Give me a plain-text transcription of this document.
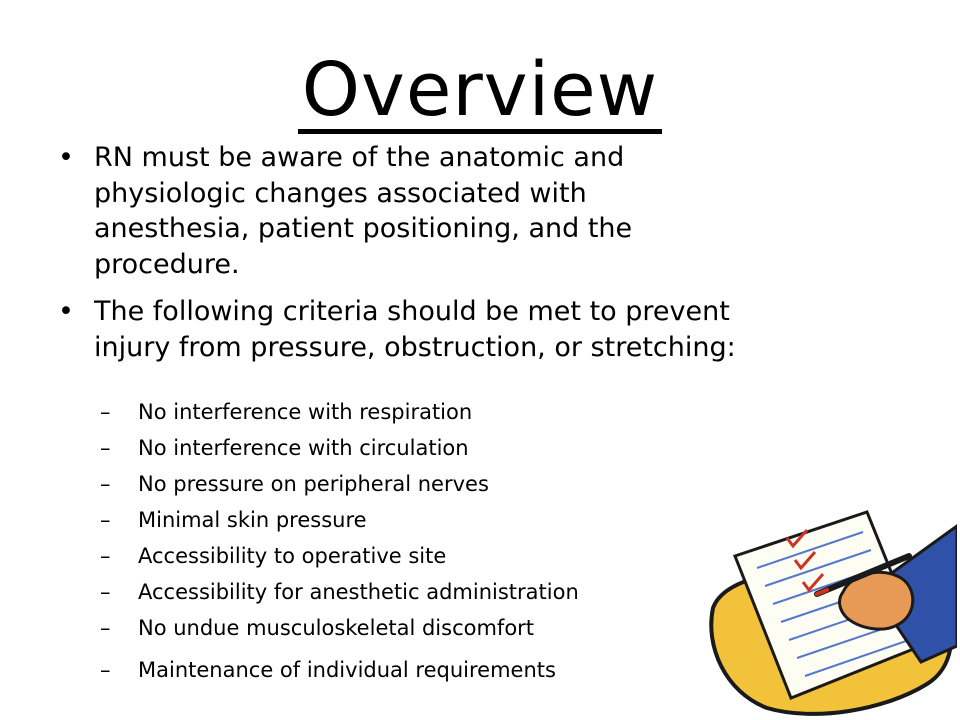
Overview
• RN must be aware of the anatomic and physiologic changes associated with anesthesia, patient positioning, and the procedure.
• The following criteria should be met to prevent injury from pressure, obstruction, or stretching:
– No interference with respiration
– No interference with circulation
– No pressure on peripheral nerves
– Minimal skin pressure
– Accessibility to operative site
– Accessibility for anesthetic administration
– No undue musculoskeletal discomfort
– Maintenance of individual requirements
